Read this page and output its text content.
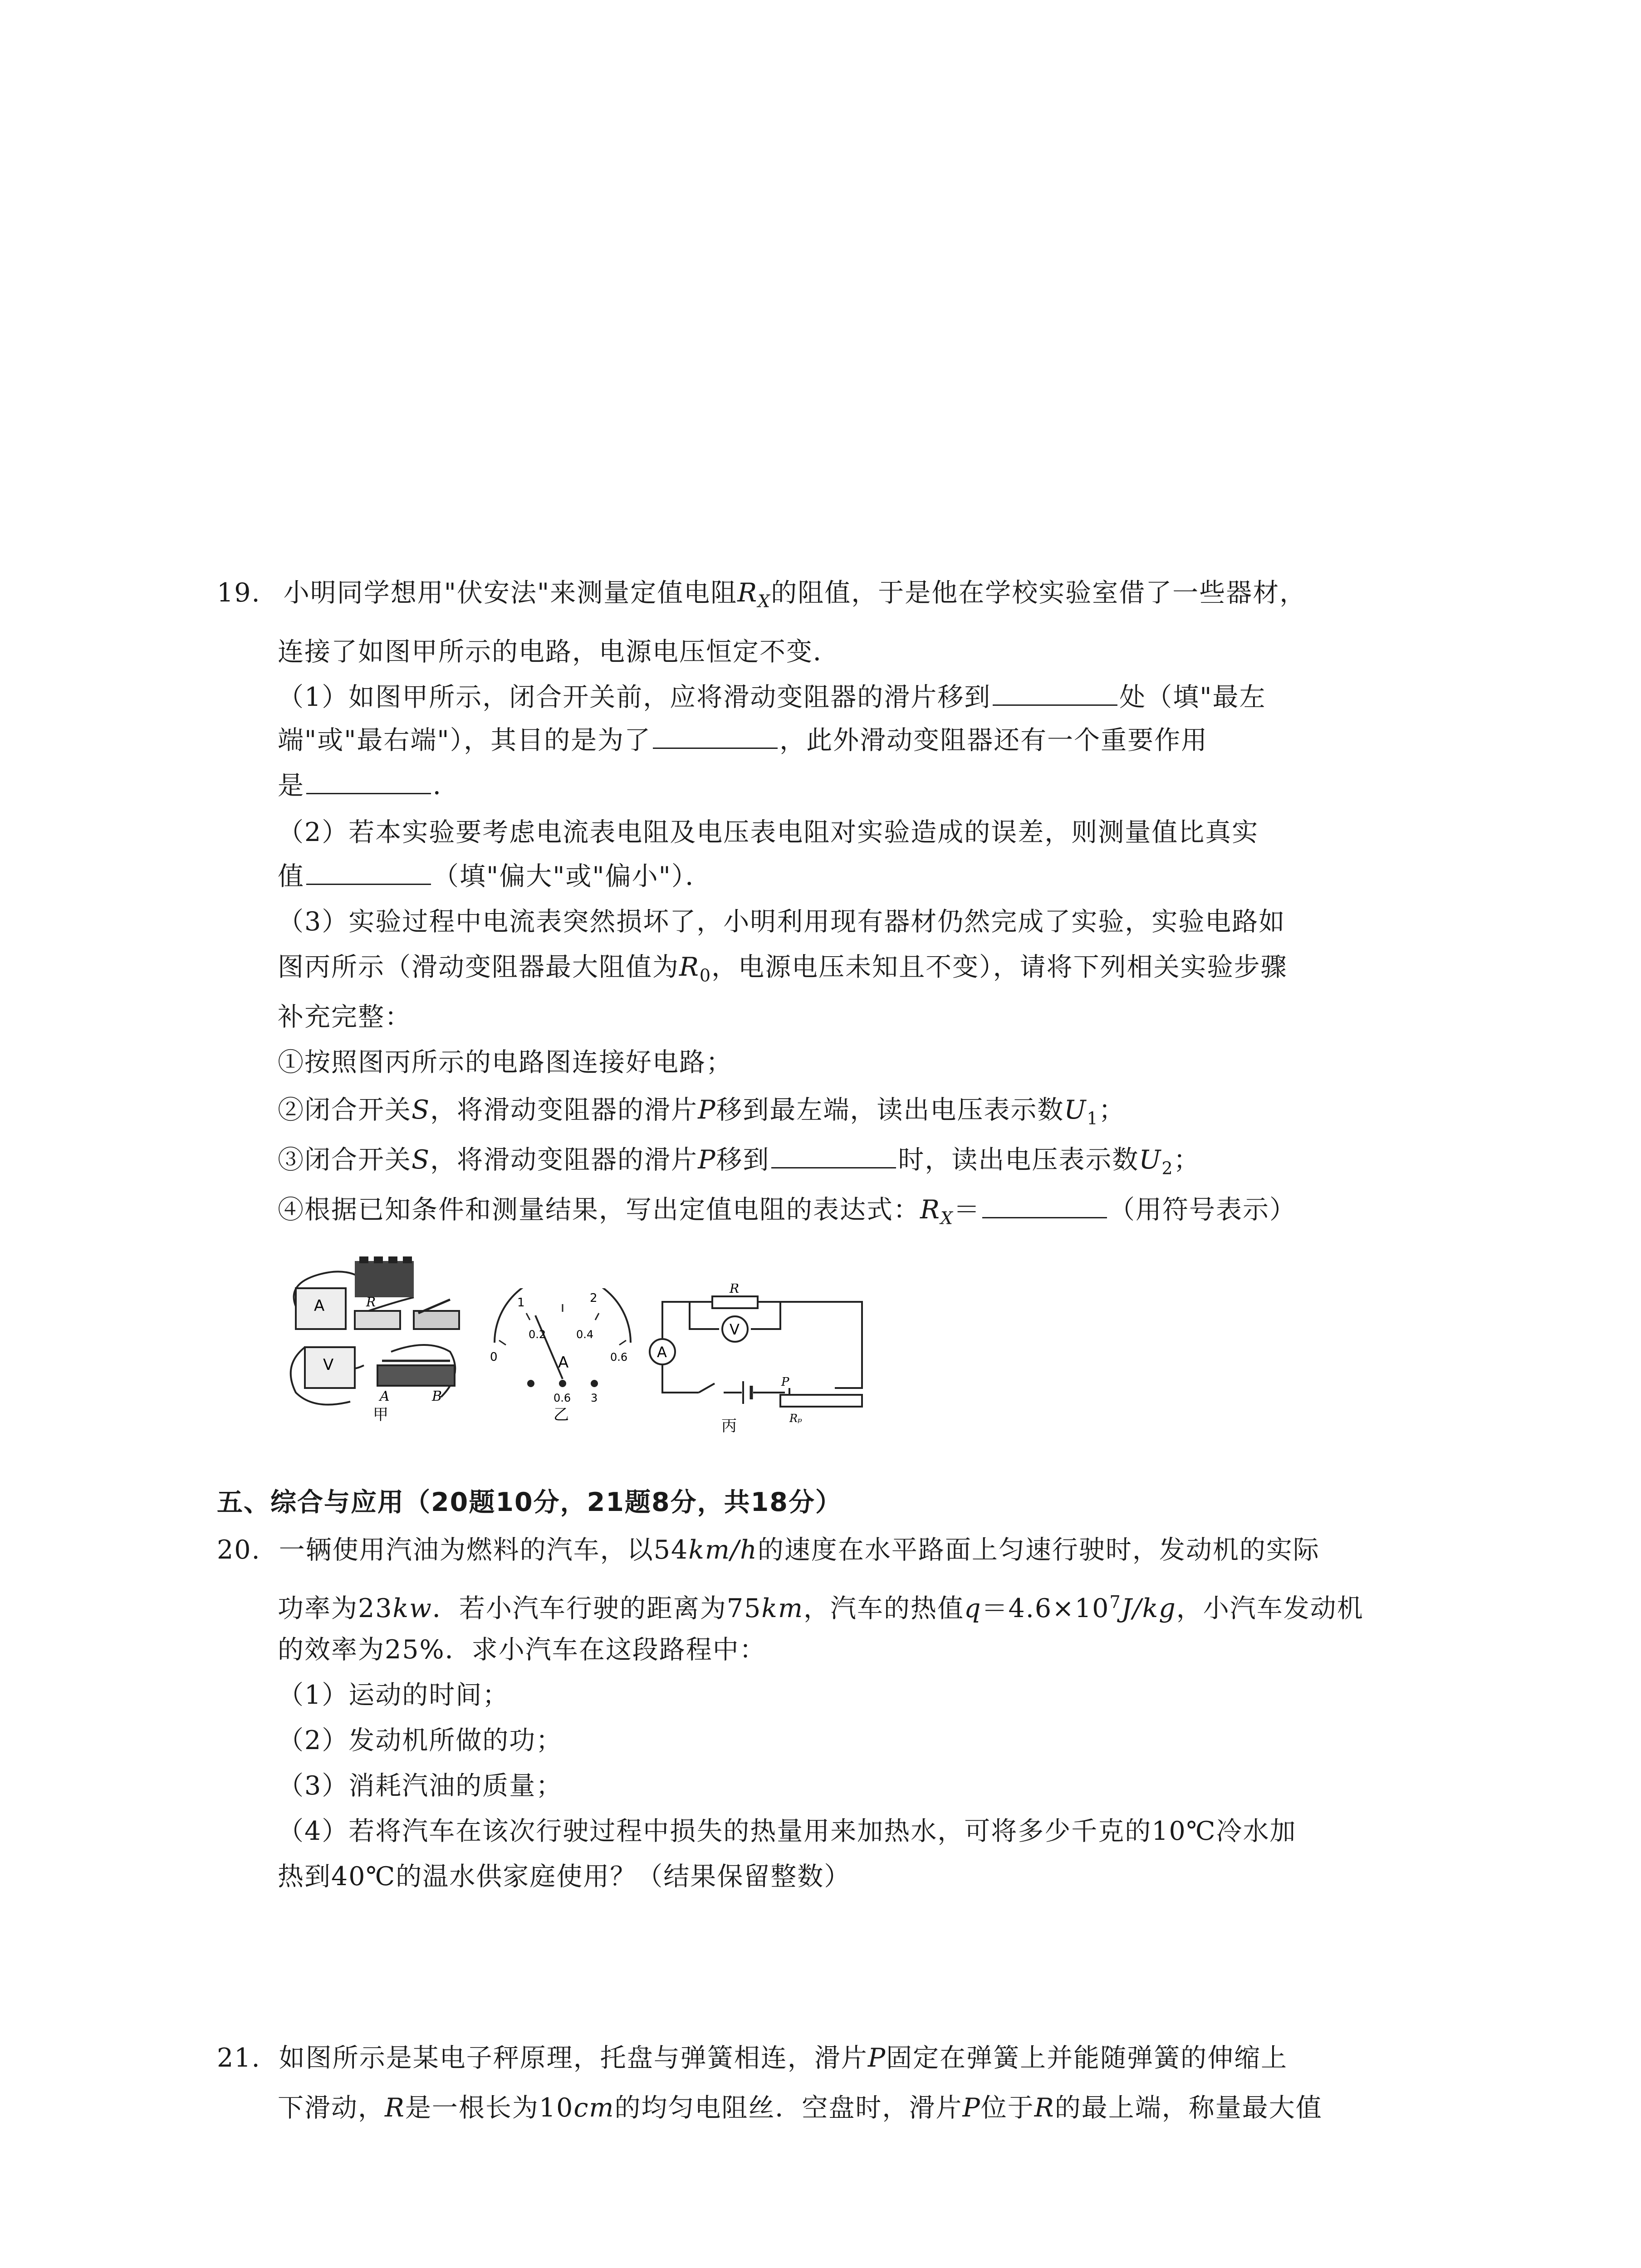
19. 小明同学想用"伏安法"来测量定值电阻$R_X$的阻值，于是他在学校实验室借了一些器材，
连接了如图甲所示的电路，电源电压恒定不变．
（1）如图甲所示，闭合开关前，应将滑动变阻器的滑片移到	处（填"最左
端"或"最右端"），其目的是为了	，此外滑动变阻器还有一个重要作用
是	．
（2）若本实验要考虑电流表电阻及电压表电阻对实验造成的误差，则测量值比真实
值	（填"偏大"或"偏小"）．
（3）实验过程中电流表突然损坏了，小明利用现有器材仍然完成了实验，实验电路如
图丙所示（滑动变阻器最大阻值为$R_0$，电源电压未知且不变），请将下列相关实验步骤
补充完整：
①按照图丙所示的电路图连接好电路；
②闭合开关S，将滑动变阻器的滑片P移到最左端，读出电压表示数$U_1$；
③闭合开关S，将滑动变阻器的滑片P移到	时，读出电压表示数$U_2$；
④根据已知条件和测量结果，写出定值电阻的表达式：$R_X=$	（用符号表示）
A	R
V
A	B
甲
1	2
0
0.2	0.4
0.6
A
0.6 3
乙
R
A
V
P
Rₚ
丙
五、综合与应用（20题10分，21题8分，共18分）
20. 一辆使用汽油为燃料的汽车，以54km/h的速度在水平路面上匀速行驶时，发动机的实际
功率为23kw．若小汽车行驶的距离为75km，汽车的热值$q=4.6\times 10^7J/kg$，小汽车发动机
的效率为25%．求小汽车在这段路程中：
（1）运动的时间；
（2）发动机所做的功；
（3）消耗汽油的质量；
（4）若将汽车在该次行驶过程中损失的热量用来加热水，可将多少千克的10℃冷水加
热到40℃的温水供家庭使用？（结果保留整数）
21. 如图所示是某电子秤原理，托盘与弹簧相连，滑片P固定在弹簧上并能随弹簧的伸缩上
下滑动，R是一根长为10cm的均匀电阻丝．空盘时，滑片P位于R的最上端，称量最大值
